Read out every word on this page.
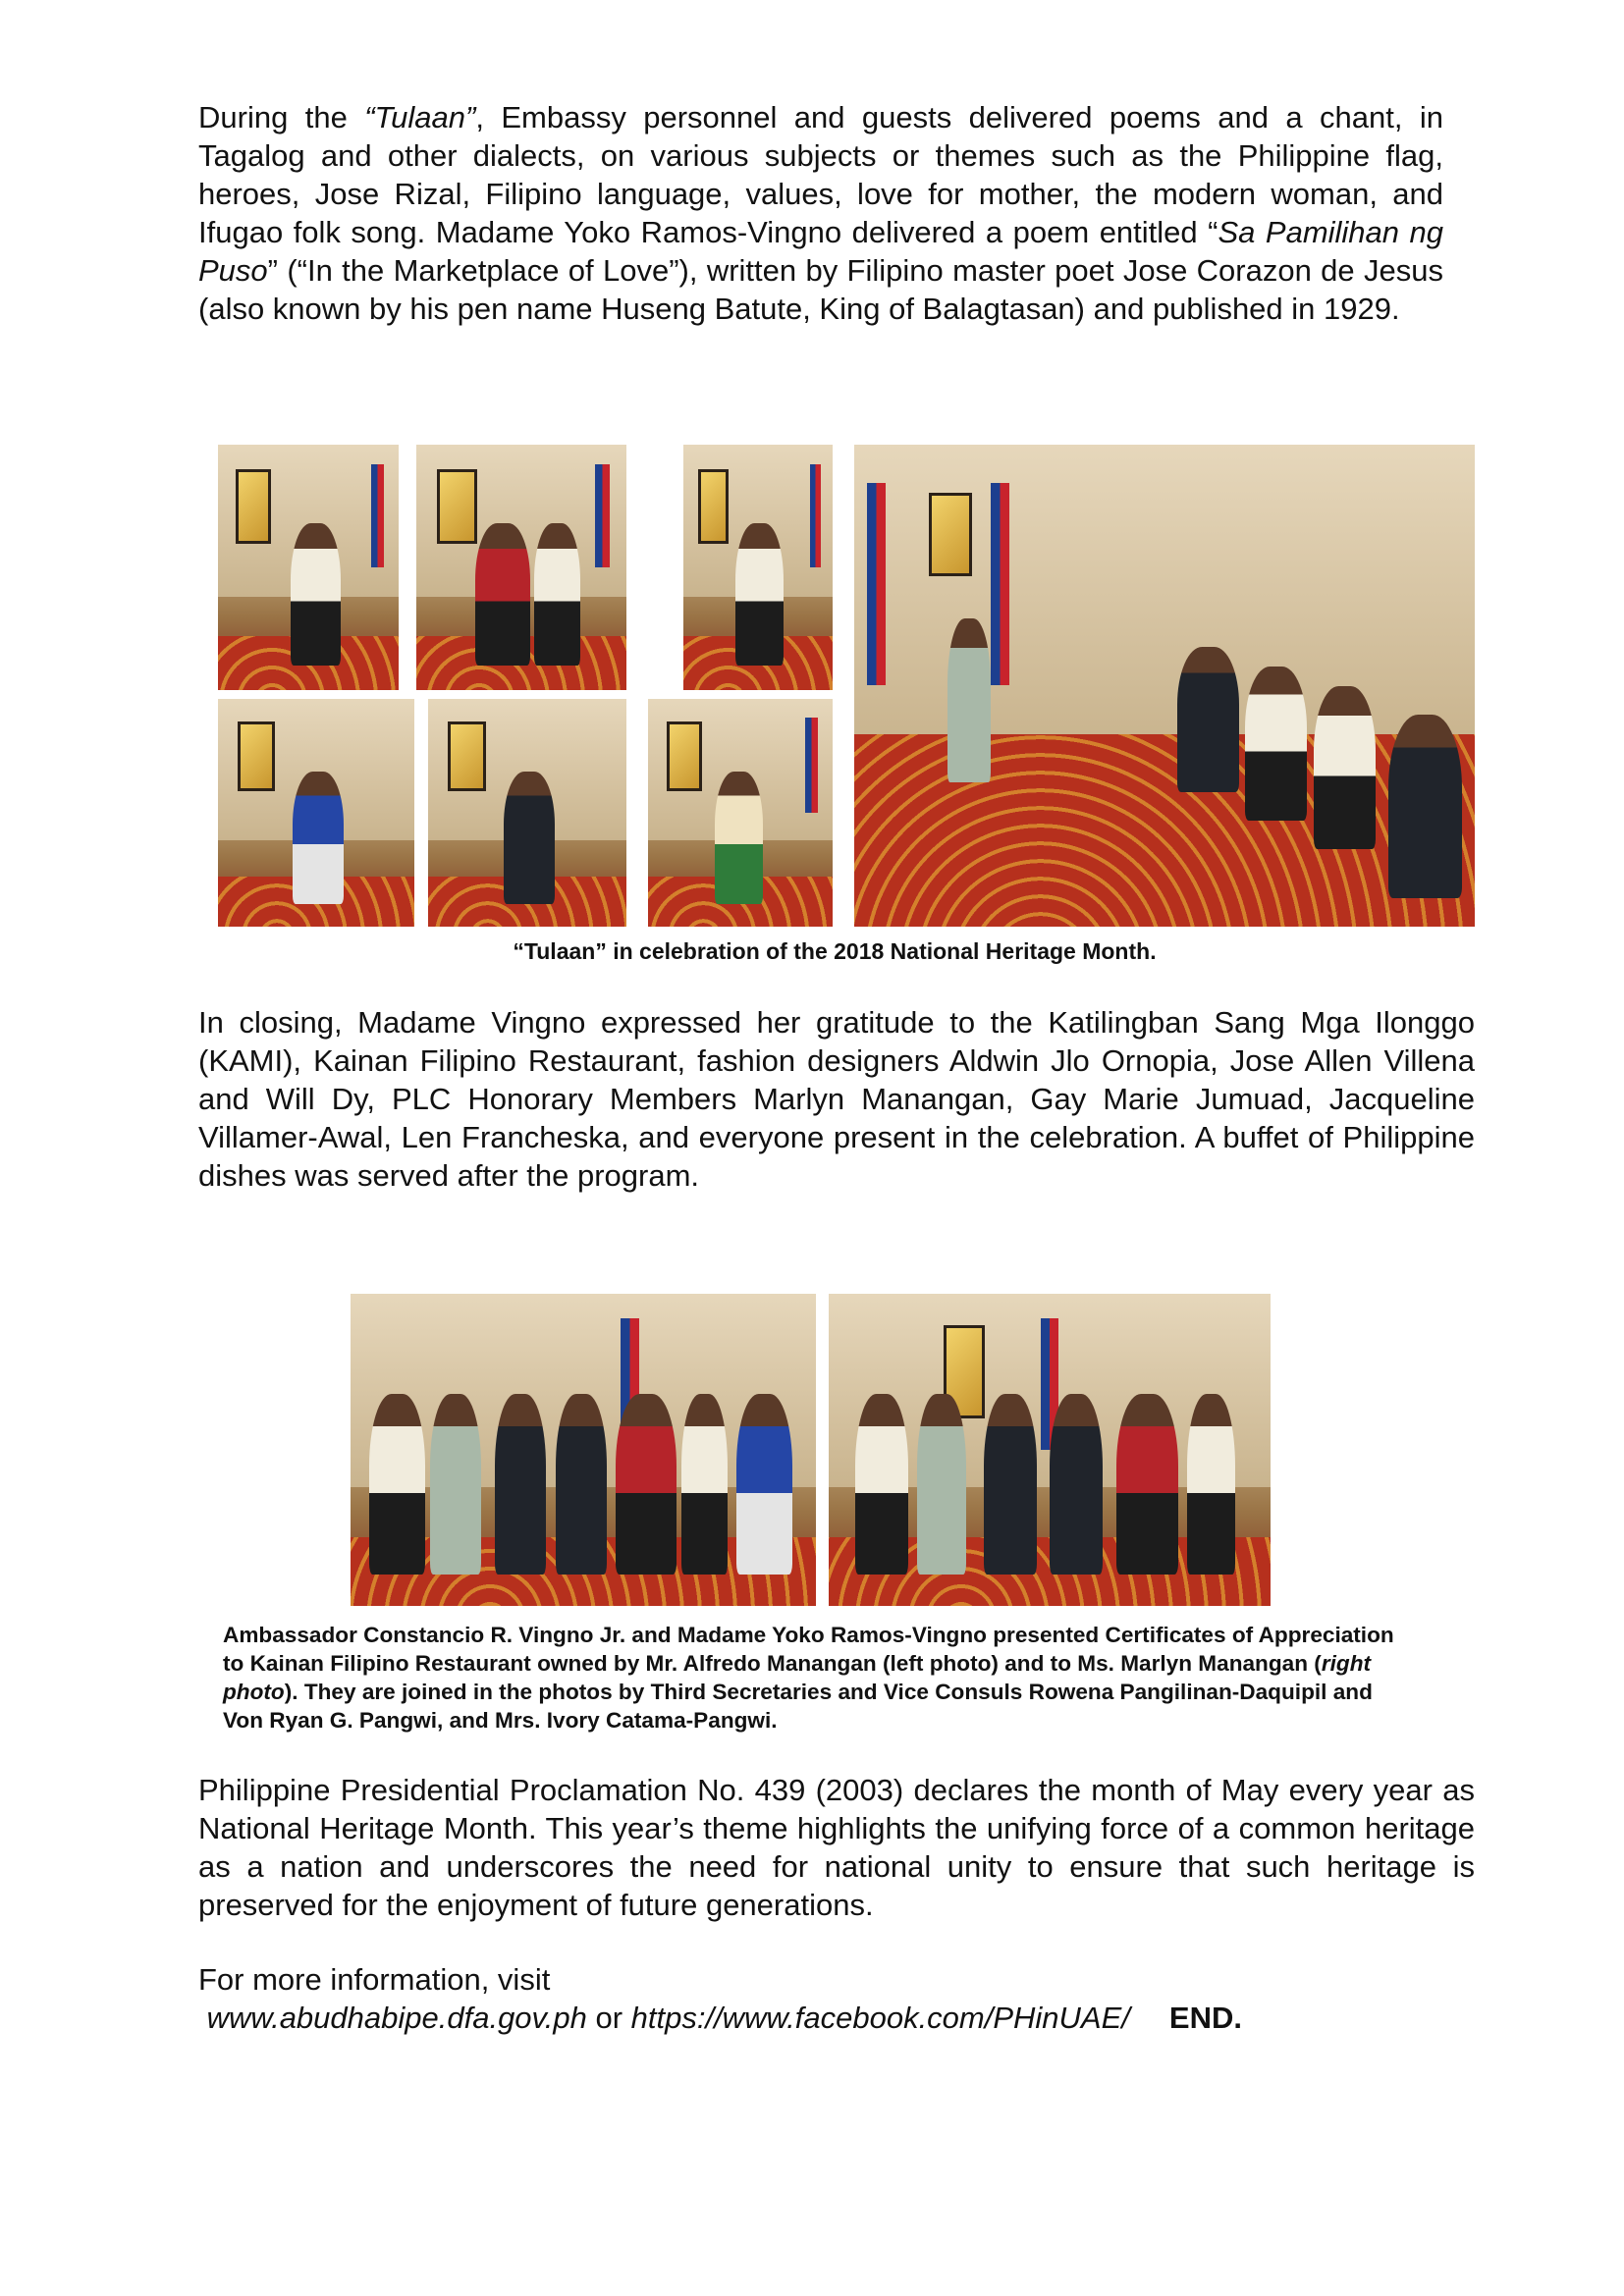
During the “Tulaan”, Embassy personnel and guests delivered poems and a chant, in Tagalog and other dialects, on various subjects or themes such as the Philippine flag, heroes, Jose Rizal, Filipino language, values, love for mother, the modern woman, and Ifugao folk song. Madame Yoko Ramos-Vingno delivered a poem entitled “Sa Pamilihan ng Puso” (“In the Marketplace of Love”), written by Filipino master poet Jose Corazon de Jesus (also known by his pen name Huseng Batute, King of Balagtasan) and published in 1929.

“Tulaan” in celebration of the 2018 National Heritage Month.

In closing, Madame Vingno expressed her gratitude to the Katilingban Sang Mga Ilonggo (KAMI), Kainan Filipino Restaurant, fashion designers Aldwin Jlo Ornopia, Jose Allen Villena and Will Dy, PLC Honorary Members Marlyn Manangan, Gay Marie Jumuad, Jacqueline Villamer-Awal, Len Francheska, and everyone present in the celebration. A buffet of Philippine dishes was served after the program.

Ambassador Constancio R. Vingno Jr. and Madame Yoko Ramos-Vingno presented Certificates of Appreciation to Kainan Filipino Restaurant owned by Mr. Alfredo Manangan (left photo) and to Ms. Marlyn Manangan (right photo). They are joined in the photos by Third Secretaries and Vice Consuls Rowena Pangilinan-Daquipil and Von Ryan G. Pangwi, and Mrs. Ivory Catama-Pangwi.

Philippine Presidential Proclamation No. 439 (2003) declares the month of May every year as National Heritage Month. This year’s theme highlights the unifying force of a common heritage as a nation and underscores the need for national unity to ensure that such heritage is preserved for the enjoyment of future generations.

For more information, visit
www.abudhabipe.dfa.gov.ph or https://www.facebook.com/PHinUAE/ END.
